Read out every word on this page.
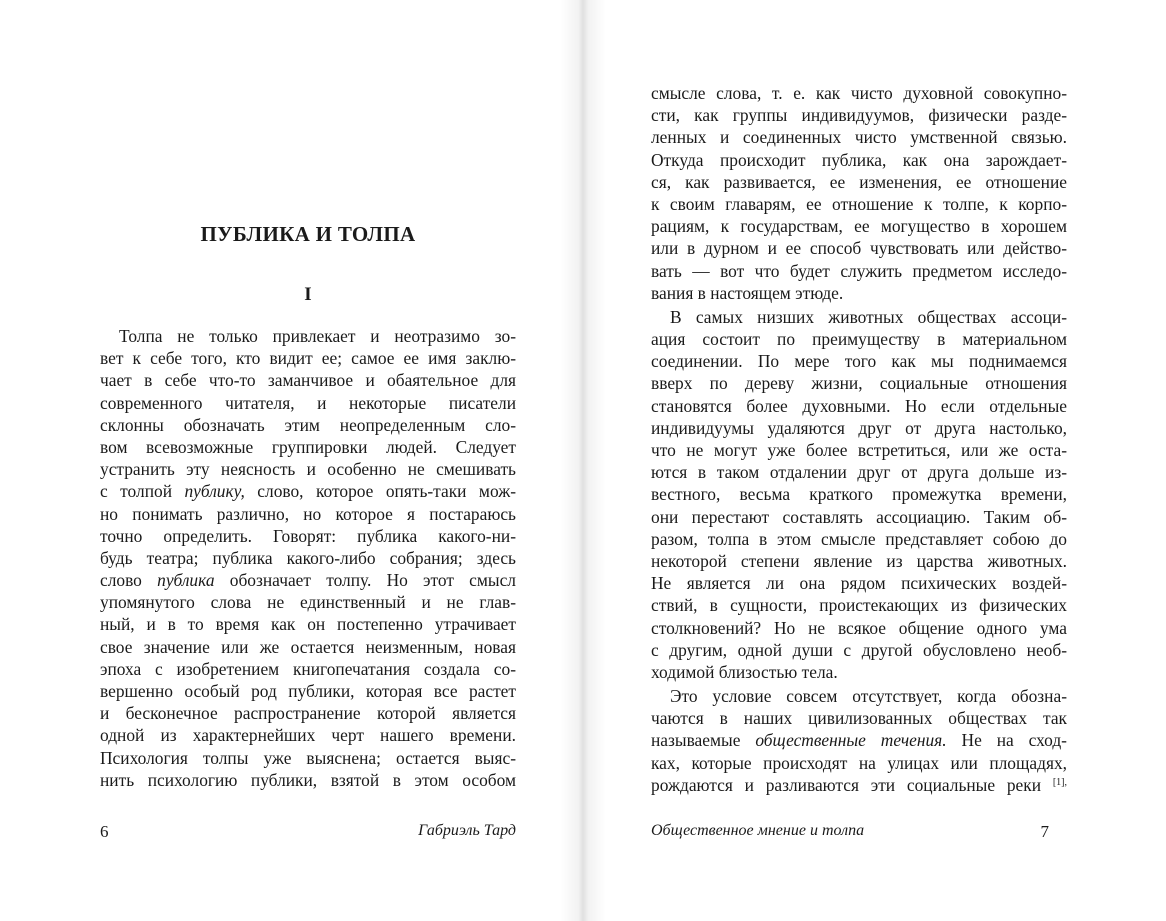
ПУБЛИКА И ТОЛПА
I
Толпа не только привлекает и неотразимо зо-
вет к себе того, кто видит ее; самое ее имя заклю-
чает в себе что-то заманчивое и обаятельное для
современного читателя, и некоторые писатели
склонны обозначать этим неопределенным сло-
вом всевозможные группировки людей. Следует
устранить эту неясность и особенно не смешивать
с толпой публику, слово, которое опять-таки мож-
но понимать различно, но которое я постараюсь
точно определить. Говорят: публика какого-ни-
будь театра; публика какого-либо собрания; здесь
слово публика обозначает толпу. Но этот смысл
упомянутого слова не единственный и не глав-
ный, и в то время как он постепенно утрачивает
свое значение или же остается неизменным, новая
эпоха с изобретением книгопечатания создала со-
вершенно особый род публики, которая все растет
и бесконечное распространение которой является
одной из характернейших черт нашего времени.
Психология толпы уже выяснена; остается выяс-
нить психологию публики, взятой в этом особом
6	Габриэль Тард
смысле слова, т. е. как чисто духовной совокупно-
сти, как группы индивидуумов, физически разде-
ленных и соединенных чисто умственной связью.
Откуда происходит публика, как она зарождает-
ся, как развивается, ее изменения, ее отношение
к своим главарям, ее отношение к толпе, к корпо-
рациям, к государствам, ее могущество в хорошем
или в дурном и ее способ чувствовать или действо-
вать — вот что будет служить предметом исследо-
вания в настоящем этюде.
В самых низших животных обществах ассоци-
ация состоит по преимуществу в материальном
соединении. По мере того как мы поднимаемся
вверх по дереву жизни, социальные отношения
становятся более духовными. Но если отдельные
индивидуумы удаляются друг от друга настолько,
что не могут уже более встретиться, или же оста-
ются в таком отдалении друг от друга дольше из-
вестного, весьма краткого промежутка времени,
они перестают составлять ассоциацию. Таким об-
разом, толпа в этом смысле представляет собою до
некоторой степени явление из царства животных.
Не является ли она рядом психических воздей-
ствий, в сущности, проистекающих из физических
столкновений? Но не всякое общение одного ума
с другим, одной души с другой обусловлено необ-
ходимой близостью тела.
Это условие совсем отсутствует, когда обозна-
чаются в наших цивилизованных обществах так
называемые общественные течения. Не на сход-
ках, которые происходят на улицах или площадях,
рождаются и разливаются эти социальные реки $^{[1],}$
Общественное мнение и толпа	7
